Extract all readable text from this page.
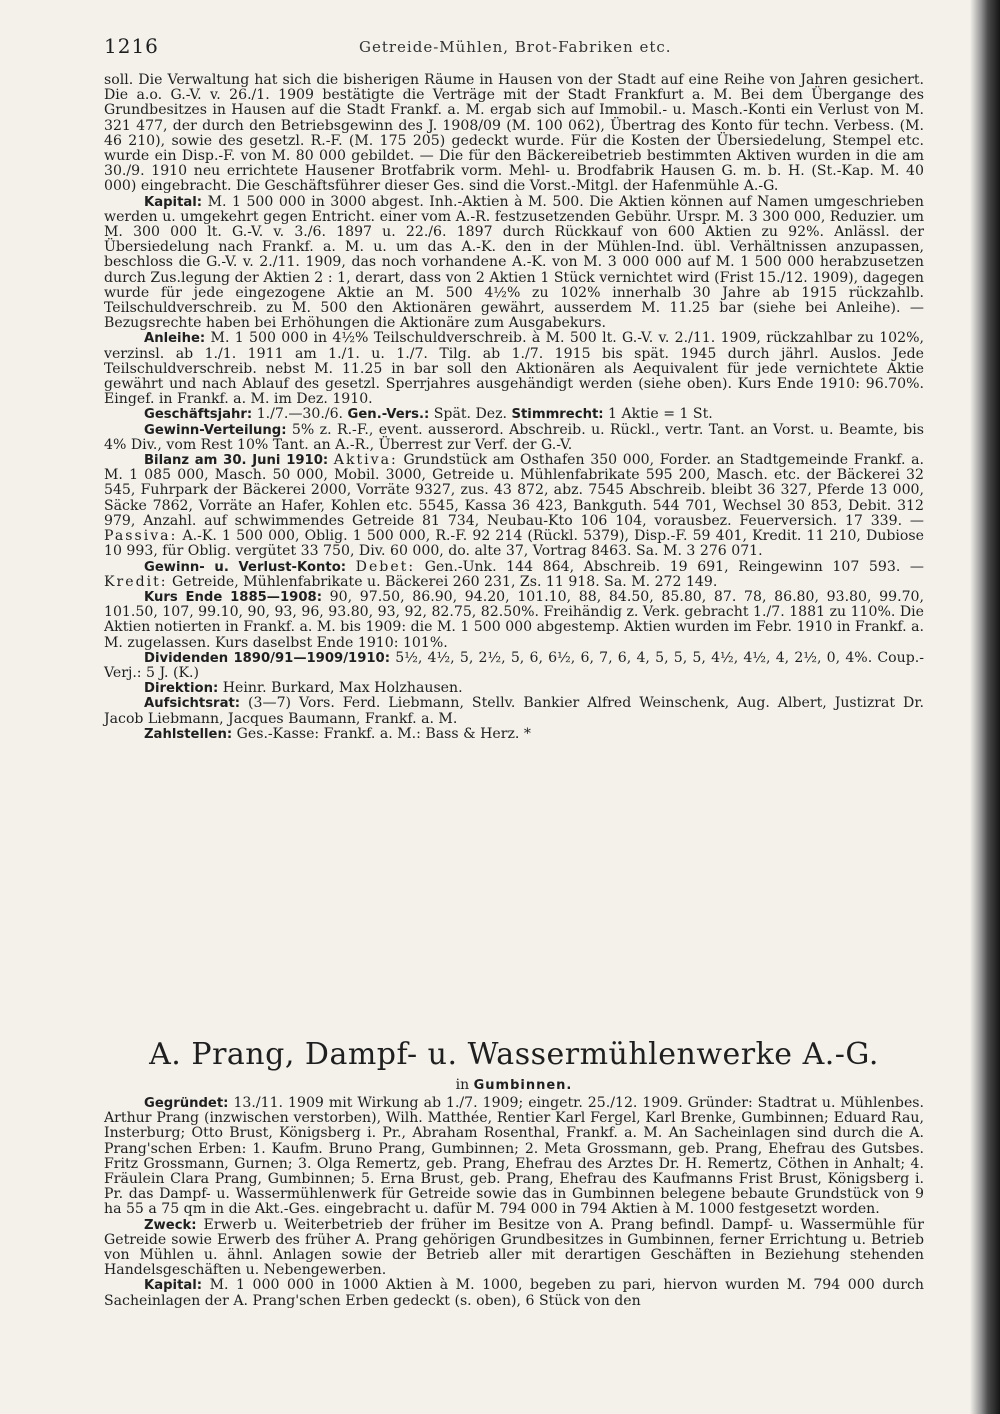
1216	Getreide-Mühlen, Brot-Fabriken etc.

soll. Die Verwaltung hat sich die bisherigen Räume in Hausen von der Stadt auf eine Reihe von Jahren gesichert. Die a.o. G.-V. v. 26./1. 1909 bestätigte die Verträge mit der Stadt Frankfurt a. M. Bei dem Übergange des Grundbesitzes in Hausen auf die Stadt Frankf. a. M. ergab sich auf Immobil.- u. Masch.-Konti ein Verlust von M. 321 477, der durch den Betriebsgewinn des J. 1908/09 (M. 100 062), Übertrag des Konto für techn. Verbess. (M. 46 210), sowie des gesetzl. R.-F. (M. 175 205) gedeckt wurde. Für die Kosten der Übersiedelung, Stempel etc. wurde ein Disp.-F. von M. 80 000 gebildet. — Die für den Bäckereibetrieb bestimmten Aktiven wurden in die am 30./9. 1910 neu errichtete Hausener Brotfabrik vorm. Mehl- u. Brodfabrik Hausen G. m. b. H. (St.-Kap. M. 40 000) eingebracht. Die Geschäftsführer dieser Ges. sind die Vorst.-Mitgl. der Hafenmühle A.-G.

Kapital: M. 1 500 000 in 3000 abgest. Inh.-Aktien à M. 500. Die Aktien können auf Namen umgeschrieben werden u. umgekehrt gegen Entricht. einer vom A.-R. festzusetzenden Gebühr. Urspr. M. 3 300 000, Reduzier. um M. 300 000 lt. G.-V. v. 3./6. 1897 u. 22./6. 1897 durch Rückkauf von 600 Aktien zu 92%. Anlässl. der Übersiedelung nach Frankf. a. M. u. um das A.-K. den in der Mühlen-Ind. übl. Verhältnissen anzupassen, beschloss die G.-V. v. 2./11. 1909, das noch vorhandene A.-K. von M. 3 000 000 auf M. 1 500 000 herabzusetzen durch Zus.legung der Aktien 2 : 1, derart, dass von 2 Aktien 1 Stück vernichtet wird (Frist 15./12. 1909), dagegen wurde für jede eingezogene Aktie an M. 500 4½% zu 102% innerhalb 30 Jahre ab 1915 rückzahlb. Teilschuldverschreib. zu M. 500 den Aktionären gewährt, ausserdem M. 11.25 bar (siehe bei Anleihe). — Bezugsrechte haben bei Erhöhungen die Aktionäre zum Ausgabekurs.

Anleihe: M. 1 500 000 in 4½% Teilschuldverschreib. à M. 500 lt. G.-V. v. 2./11. 1909, rückzahlbar zu 102%, verzinsl. ab 1./1. 1911 am 1./1. u. 1./7. Tilg. ab 1./7. 1915 bis spät. 1945 durch jährl. Auslos. Jede Teilschuldverschreib. nebst M. 11.25 in bar soll den Aktionären als Aequivalent für jede vernichtete Aktie gewährt und nach Ablauf des gesetzl. Sperrjahres ausgehändigt werden (siehe oben). Kurs Ende 1910: 96.70%. Eingef. in Frankf. a. M. im Dez. 1910.

Geschäftsjahr: 1./7.—30./6. Gen.-Vers.: Spät. Dez. Stimmrecht: 1 Aktie = 1 St.

Gewinn-Verteilung: 5% z. R.-F., event. ausserord. Abschreib. u. Rückl., vertr. Tant. an Vorst. u. Beamte, bis 4% Div., vom Rest 10% Tant. an A.-R., Überrest zur Verf. der G.-V.

Bilanz am 30. Juni 1910: Aktiva: Grundstück am Osthafen 350 000, Forder. an Stadtgemeinde Frankf. a. M. 1 085 000, Masch. 50 000, Mobil. 3000, Getreide u. Mühlenfabrikate 595 200, Masch. etc. der Bäckerei 32 545, Fuhrpark der Bäckerei 2000, Vorräte 9327, zus. 43 872, abz. 7545 Abschreib. bleibt 36 327, Pferde 13 000, Säcke 7862, Vorräte an Hafer, Kohlen etc. 5545, Kassa 36 423, Bankguth. 544 701, Wechsel 30 853, Debit. 312 979, Anzahl. auf schwimmendes Getreide 81 734, Neubau-Kto 106 104, vorausbez. Feuerversich. 17 339. — Passiva: A.-K. 1 500 000, Oblig. 1 500 000, R.-F. 92 214 (Rückl. 5379), Disp.-F. 59 401, Kredit. 11 210, Dubiose 10 993, für Oblig. vergütet 33 750, Div. 60 000, do. alte 37, Vortrag 8463. Sa. M. 3 276 071.

Gewinn- u. Verlust-Konto: Debet: Gen.-Unk. 144 864, Abschreib. 19 691, Reingewinn 107 593. — Kredit: Getreide, Mühlenfabrikate u. Bäckerei 260 231, Zs. 11 918. Sa. M. 272 149.

Kurs Ende 1885—1908: 90, 97.50, 86.90, 94.20, 101.10, 88, 84.50, 85.80, 87. 78, 86.80, 93.80, 99.70, 101.50, 107, 99.10, 90, 93, 96, 93.80, 93, 92, 82.75, 82.50%. Freihändig z. Verk. gebracht 1./7. 1881 zu 110%. Die Aktien notierten in Frankf. a. M. bis 1909: die M. 1 500 000 abgestemp. Aktien wurden im Febr. 1910 in Frankf. a. M. zugelassen. Kurs daselbst Ende 1910: 101%.

Dividenden 1890/91—1909/1910: 5½, 4½, 5, 2½, 5, 6, 6½, 6, 7, 6, 4, 5, 5, 5, 4½, 4½, 4, 2½, 0, 4%. Coup.-Verj.: 5 J. (K.)

Direktion: Heinr. Burkard, Max Holzhausen.

Aufsichtsrat: (3—7) Vors. Ferd. Liebmann, Stellv. Bankier Alfred Weinschenk, Aug. Albert, Justizrat Dr. Jacob Liebmann, Jacques Baumann, Frankf. a. M.

Zahlstellen: Ges.-Kasse: Frankf. a. M.: Bass & Herz. *

A. Prang, Dampf- u. Wassermühlenwerke A.-G.
in Gumbinnen.

Gegründet: 13./11. 1909 mit Wirkung ab 1./7. 1909; eingetr. 25./12. 1909. Gründer: Stadtrat u. Mühlenbes. Arthur Prang (inzwischen verstorben), Wilh. Matthée, Rentier Karl Fergel, Karl Brenke, Gumbinnen; Eduard Rau, Insterburg; Otto Brust, Königsberg i. Pr., Abraham Rosenthal, Frankf. a. M. An Sacheinlagen sind durch die A. Prang'schen Erben: 1. Kaufm. Bruno Prang, Gumbinnen; 2. Meta Grossmann, geb. Prang, Ehefrau des Gutsbes. Fritz Grossmann, Gurnen; 3. Olga Remertz, geb. Prang, Ehefrau des Arztes Dr. H. Remertz, Cöthen in Anhalt; 4. Fräulein Clara Prang, Gumbinnen; 5. Erna Brust, geb. Prang, Ehefrau des Kaufmanns Frist Brust, Königsberg i. Pr. das Dampf- u. Wassermühlenwerk für Getreide sowie das in Gumbinnen belegene bebaute Grundstück von 9 ha 55 a 75 qm in die Akt.-Ges. eingebracht u. dafür M. 794 000 in 794 Aktien à M. 1000 festgesetzt worden.

Zweck: Erwerb u. Weiterbetrieb der früher im Besitze von A. Prang befindl. Dampf- u. Wassermühle für Getreide sowie Erwerb des früher A. Prang gehörigen Grundbesitzes in Gumbinnen, ferner Errichtung u. Betrieb von Mühlen u. ähnl. Anlagen sowie der Betrieb aller mit derartigen Geschäften in Beziehung stehenden Handelsgeschäften u. Nebengewerben.

Kapital: M. 1 000 000 in 1000 Aktien à M. 1000, begeben zu pari, hiervon wurden M. 794 000 durch Sacheinlagen der A. Prang'schen Erben gedeckt (s. oben), 6 Stück von den
